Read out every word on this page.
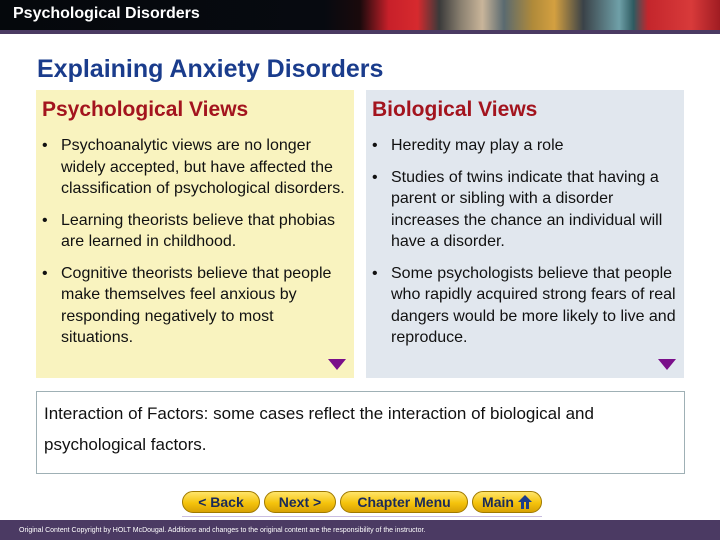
Psychological Disorders
Explaining Anxiety Disorders
Psychological Views
• Psychoanalytic views are no longer widely accepted, but have affected the classification of psychological disorders.
• Learning theorists believe that phobias are learned in childhood.
• Cognitive theorists believe that people make themselves feel anxious by responding negatively to most situations.
Biological Views
• Heredity may play a role
• Studies of twins indicate that having a parent or sibling with a disorder increases the chance an individual will have a disorder.
• Some psychologists believe that people who rapidly acquired strong fears of real dangers would be more likely to live and reproduce.
Interaction of Factors: some cases reflect the interaction of biological and psychological factors.
< Back	Next >	Chapter Menu Main
Original Content Copyright by HOLT McDougal. Additions and changes to the original content are the responsibility of the instructor.
